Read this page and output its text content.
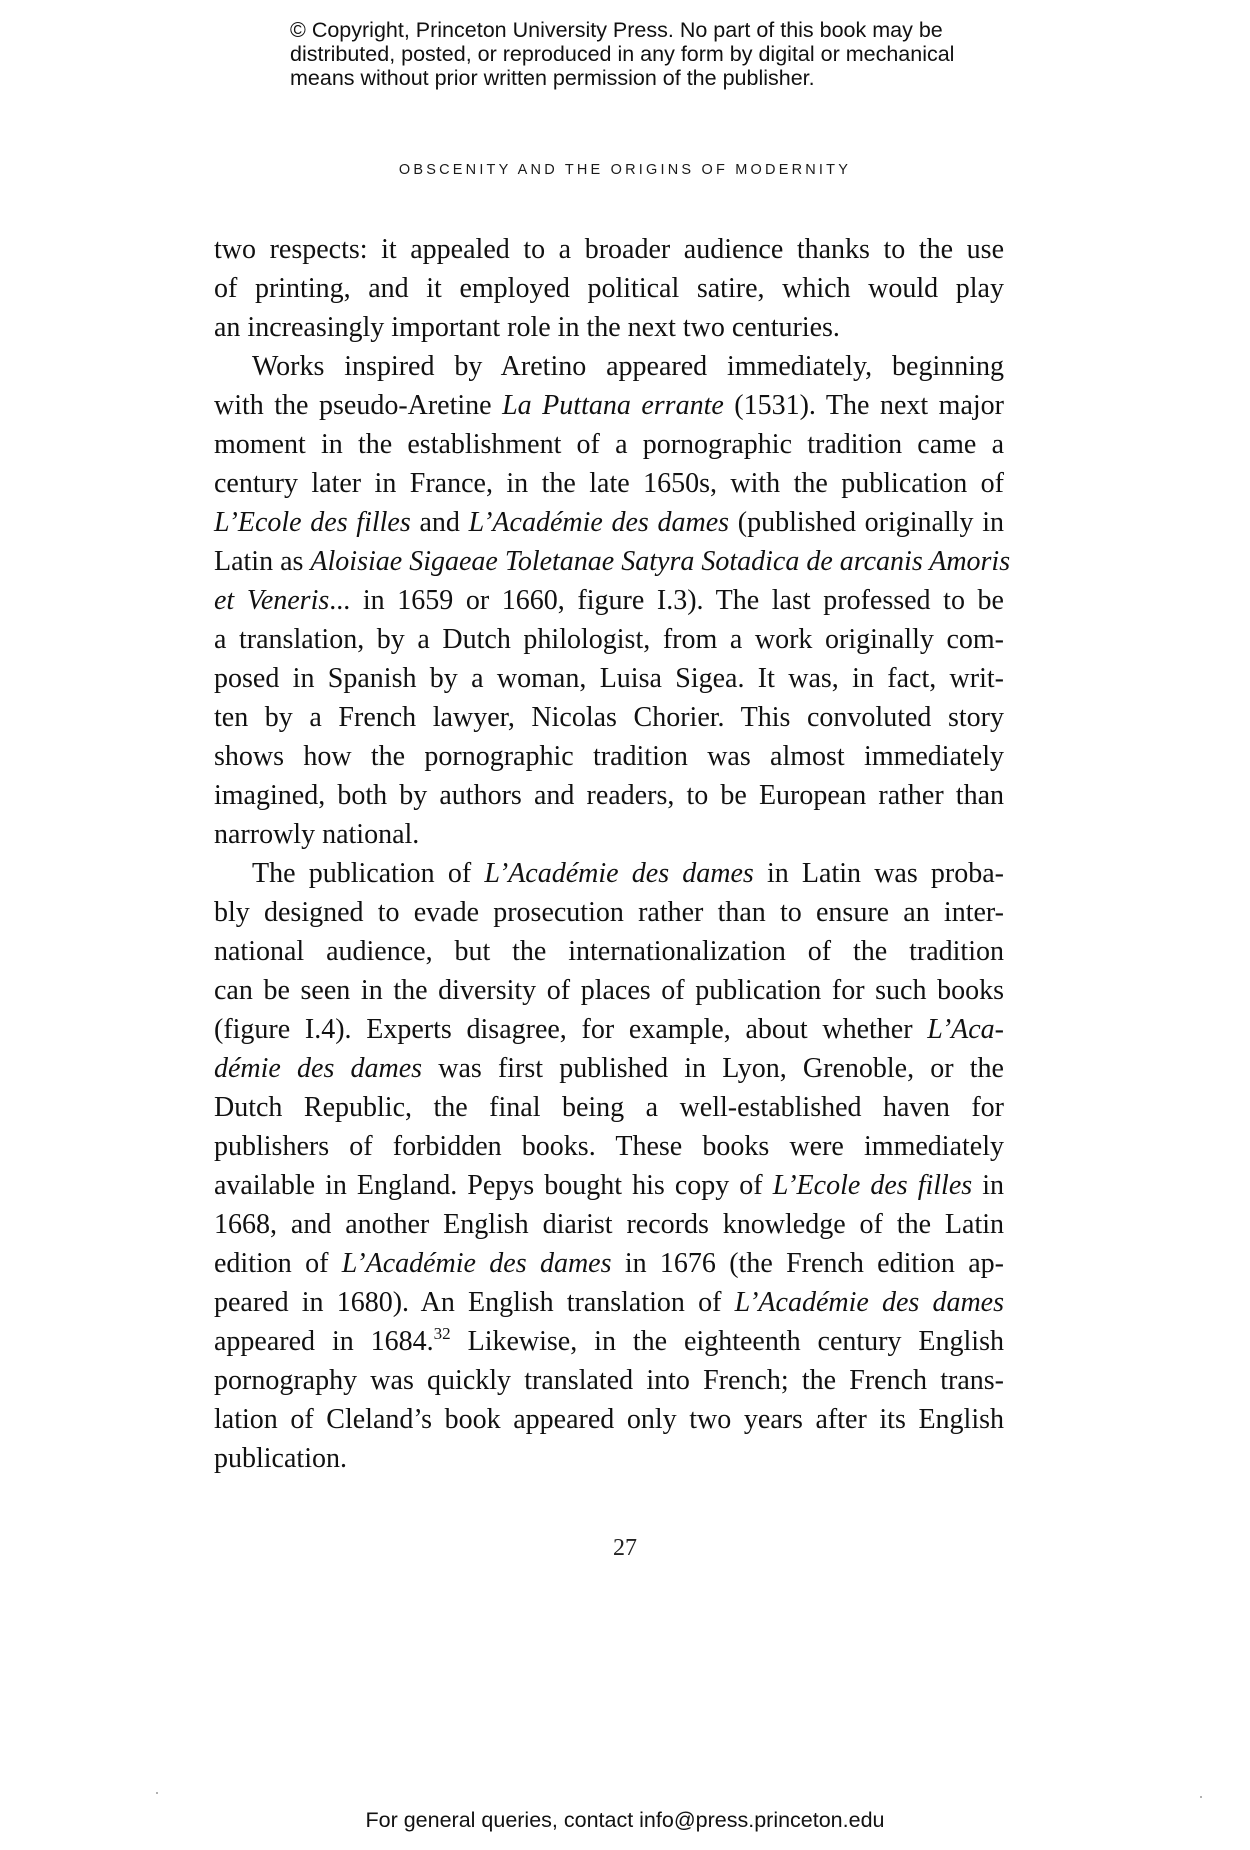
© Copyright, Princeton University Press. No part of this book may be
distributed, posted, or reproduced in any form by digital or mechanical
means without prior written permission of the publisher.
OBSCENITY AND THE ORIGINS OF MODERNITY
two respects: it appealed to a broader audience thanks to the use
of printing, and it employed political satire, which would play
an increasingly important role in the next two centuries.
Works inspired by Aretino appeared immediately, beginning
with the pseudo-Aretine La Puttana errante (1531). The next major
moment in the establishment of a pornographic tradition came a
century later in France, in the late 1650s, with the publication of
L’Ecole des filles and L’Académie des dames (published originally in
Latin as Aloisiae Sigaeae Toletanae Satyra Sotadica de arcanis Amoris
et Veneris... in 1659 or 1660, figure I.3). The last professed to be
a translation, by a Dutch philologist, from a work originally com-
posed in Spanish by a woman, Luisa Sigea. It was, in fact, writ-
ten by a French lawyer, Nicolas Chorier. This convoluted story
shows how the pornographic tradition was almost immediately
imagined, both by authors and readers, to be European rather than
narrowly national.
The publication of L’Académie des dames in Latin was proba-
bly designed to evade prosecution rather than to ensure an inter-
national audience, but the internationalization of the tradition
can be seen in the diversity of places of publication for such books
(figure I.4). Experts disagree, for example, about whether L’Aca-
démie des dames was first published in Lyon, Grenoble, or the
Dutch Republic, the final being a well-established haven for
publishers of forbidden books. These books were immediately
available in England. Pepys bought his copy of L’Ecole des filles in
1668, and another English diarist records knowledge of the Latin
edition of L’Académie des dames in 1676 (the French edition ap-
peared in 1680). An English translation of L’Académie des dames
appeared in 1684.32 Likewise, in the eighteenth century English
pornography was quickly translated into French; the French trans-
lation of Cleland’s book appeared only two years after its English
publication.
27
For general queries, contact info@press.princeton.edu
